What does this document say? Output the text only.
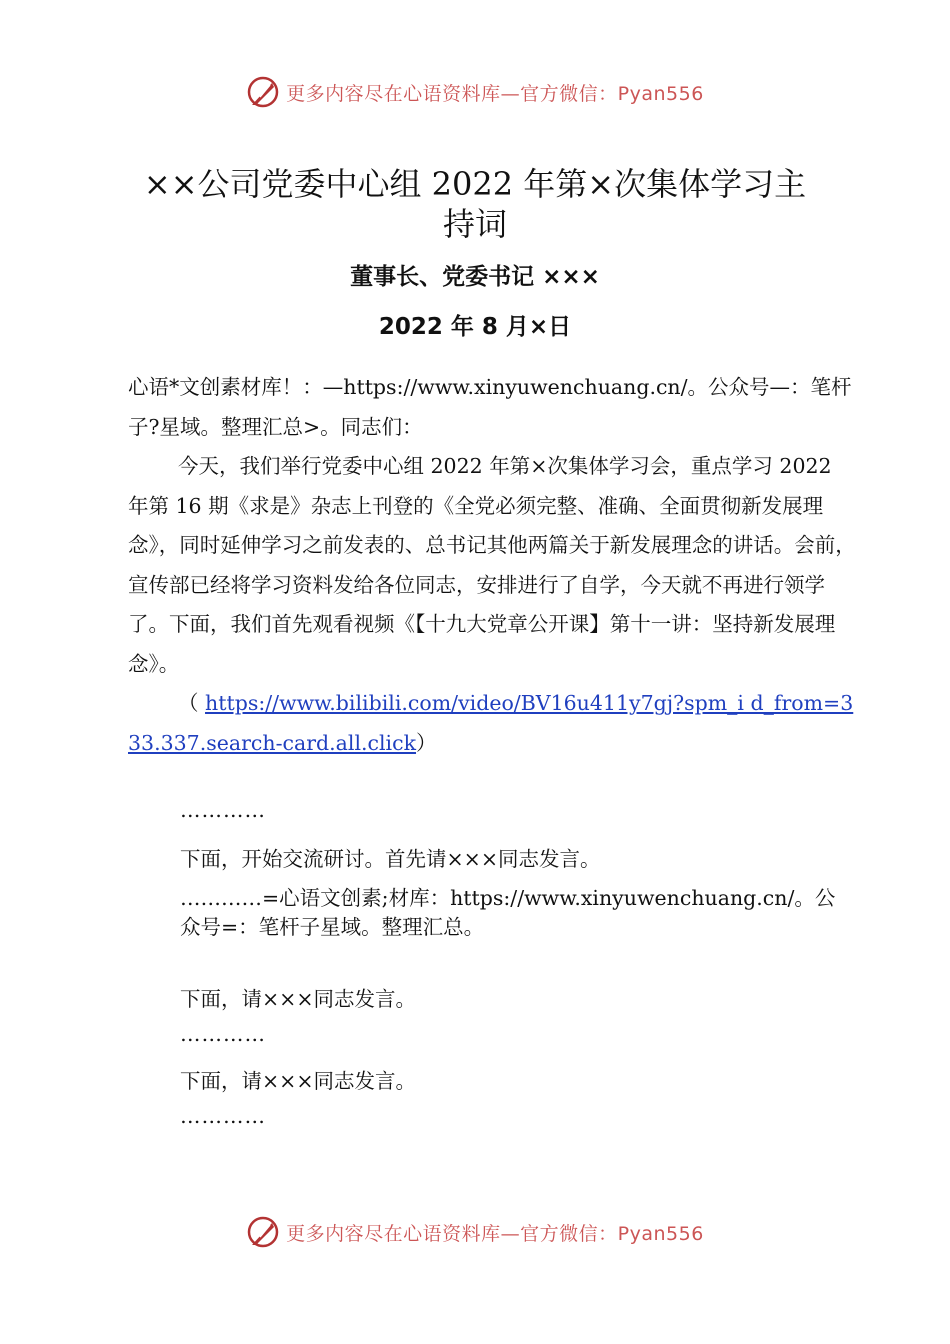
更多内容尽在心语资料库—官方微信：Pyan556
××公司党委中心组 2022 年第×次集体学习主持词
董事长、党委书记 ×××
2022 年 8 月×日

心语*文创素材库！：—https://www.xinyuwenchuang.cn/。公众号—：笔杆子?星域。整理汇总>。同志们：

今天，我们举行党委中心组 2022 年第×次集体学习会，重点学习 2022 年第 16 期《求是》杂志上刊登的《全党必须完整、准确、全面贯彻新发展理念》，同时延伸学习之前发表的、总书记其他两篇关于新发展理念的讲话。会前，宣传部已经将学习资料发给各位同志，安排进行了自学，今天就不再进行领学了。下面，我们首先观看视频《【十九大党章公开课】第十一讲：坚持新发展理念》。

（ https://www.bilibili.com/video/BV16u411y7gj?spm_i d_from=333.337.search-card.all.click）

…………
下面，开始交流研讨。首先请×××同志发言。
…………=心语文创素;材库：https://www.xinyuwenchuang.cn/。公众号=：笔杆子星域。整理汇总。
下面，请×××同志发言。
…………
下面，请×××同志发言。
…………
更多内容尽在心语资料库—官方微信：Pyan556
